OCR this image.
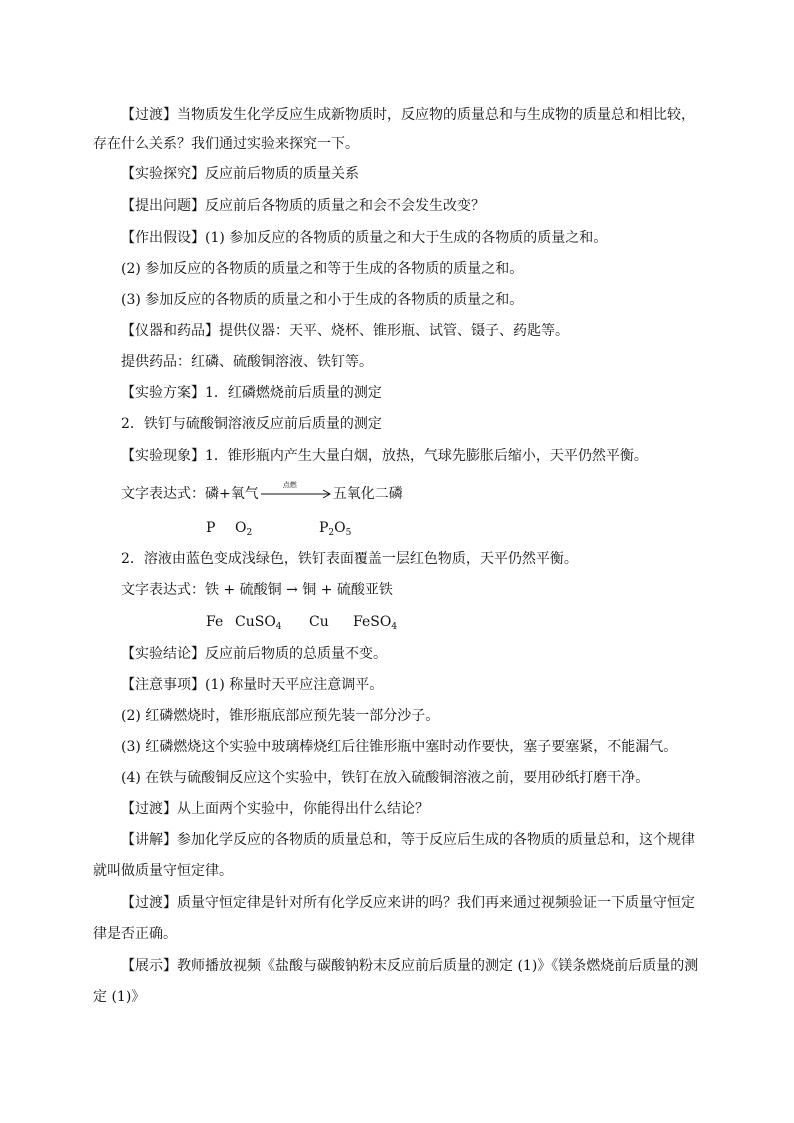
【过渡】当物质发生化学反应生成新物质时，反应物的质量总和与生成物的质量总和相比较，
存在什么关系？我们通过实验来探究一下。
【实验探究】反应前后物质的质量关系
【提出问题】反应前后各物质的质量之和会不会发生改变？
【作出假设】(1) 参加反应的各物质的质量之和大于生成的各物质的质量之和。
(2) 参加反应的各物质的质量之和等于生成的各物质的质量之和。
(3) 参加反应的各物质的质量之和小于生成的各物质的质量之和。
【仪器和药品】提供仪器：天平、烧杯、锥形瓶、试管、镊子、药匙等。
提供药品：红磷、硫酸铜溶液、铁钉等。
【实验方案】1．红磷燃烧前后质量的测定
2．铁钉与硫酸铜溶液反应前后质量的测定
【实验现象】1．锥形瓶内产生大量白烟，放热，气球先膨胀后缩小，天平仍然平衡。
文字表达式：磷+氧气
点燃
五氧化二磷
P $O_2$	$P_2O_5$
2．溶液由蓝色变成浅绿色，铁钉表面覆盖一层红色物质，天平仍然平衡。
文字表达式：铁 + 硫酸铜 → 铜 + 硫酸亚铁
Fe CuSO$_4$ Cu FeSO$_4$
【实验结论】反应前后物质的总质量不变。
【注意事项】(1) 称量时天平应注意调平。
(2) 红磷燃烧时，锥形瓶底部应预先装一部分沙子。
(3) 红磷燃烧这个实验中玻璃棒烧红后往锥形瓶中塞时动作要快，塞子要塞紧，不能漏气。
(4) 在铁与硫酸铜反应这个实验中，铁钉在放入硫酸铜溶液之前，要用砂纸打磨干净。
【过渡】从上面两个实验中，你能得出什么结论？
【讲解】参加化学反应的各物质的质量总和，等于反应后生成的各物质的质量总和，这个规律
就叫做质量守恒定律。
【过渡】质量守恒定律是针对所有化学反应来讲的吗？我们再来通过视频验证一下质量守恒定
律是否正确。
【展示】教师播放视频《盐酸与碳酸钠粉末反应前后质量的测定 (1)》《镁条燃烧前后质量的测
定 (1)》
